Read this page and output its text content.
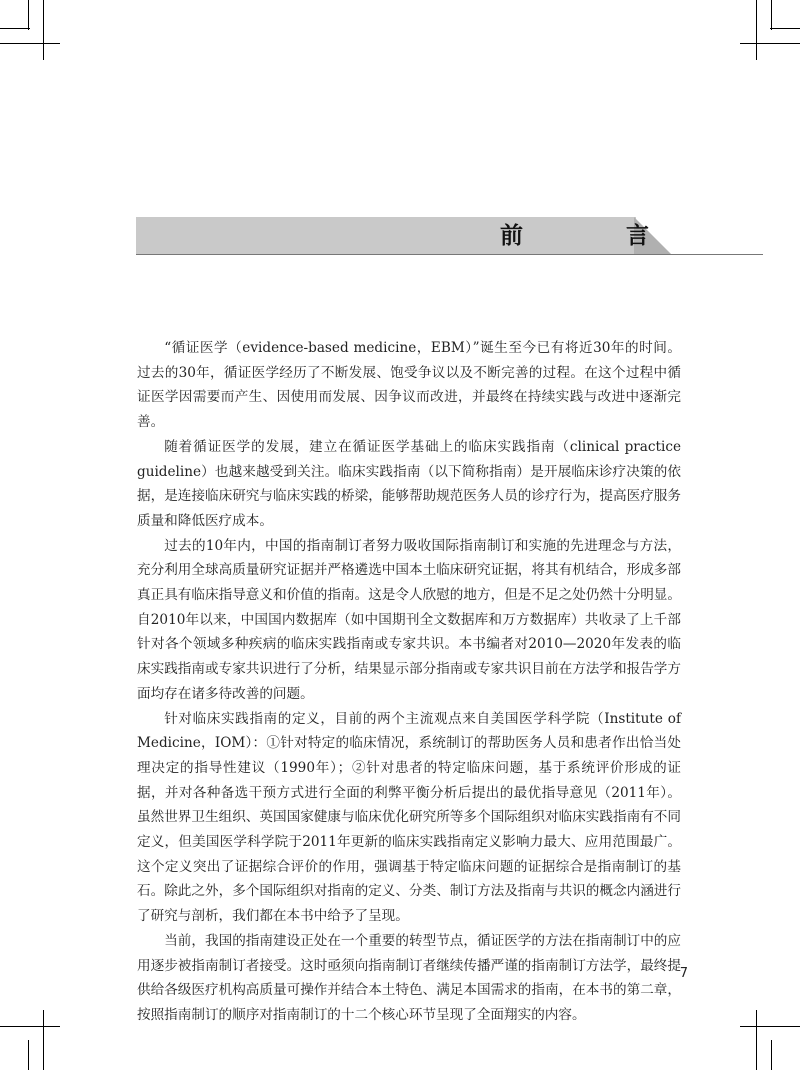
前　言

“循证医学（evidence-based medicine，EBM）”诞生至今已有将近30年的时间。过去的30年，循证医学经历了不断发展、饱受争议以及不断完善的过程。在这个过程中循证医学因需要而产生、因使用而发展、因争议而改进，并最终在持续实践与改进中逐渐完善。

随着循证医学的发展，建立在循证医学基础上的临床实践指南（clinical practice guideline）也越来越受到关注。临床实践指南（以下简称指南）是开展临床诊疗决策的依据，是连接临床研究与临床实践的桥梁，能够帮助规范医务人员的诊疗行为，提高医疗服务质量和降低医疗成本。

过去的10年内，中国的指南制订者努力吸收国际指南制订和实施的先进理念与方法，充分利用全球高质量研究证据并严格遴选中国本土临床研究证据，将其有机结合，形成多部真正具有临床指导意义和价值的指南。这是令人欣慰的地方，但是不足之处仍然十分明显。自2010年以来，中国国内数据库（如中国期刊全文数据库和万方数据库）共收录了上千部针对各个领域多种疾病的临床实践指南或专家共识。本书编者对2010—2020年发表的临床实践指南或专家共识进行了分析，结果显示部分指南或专家共识目前在方法学和报告学方面均存在诸多待改善的问题。

针对临床实践指南的定义，目前的两个主流观点来自美国医学科学院（Institute of Medicine，IOM）：①针对特定的临床情况，系统制订的帮助医务人员和患者作出恰当处理决定的指导性建议（1990年）；②针对患者的特定临床问题，基于系统评价形成的证据，并对各种备选干预方式进行全面的利弊平衡分析后提出的最优指导意见（2011年）。虽然世界卫生组织、英国国家健康与临床优化研究所等多个国际组织对临床实践指南有不同定义，但美国医学科学院于2011年更新的临床实践指南定义影响力最大、应用范围最广。这个定义突出了证据综合评价的作用，强调基于特定临床问题的证据综合是指南制订的基石。除此之外，多个国际组织对指南的定义、分类、制订方法及指南与共识的概念内涵进行了研究与剖析，我们都在本书中给予了呈现。

当前，我国的指南建设正处在一个重要的转型节点，循证医学的方法在指南制订中的应用逐步被指南制订者接受。这时亟须向指南制订者继续传播严谨的指南制订方法学，最终提供给各级医疗机构高质量可操作并结合本土特色、满足本国需求的指南，在本书的第二章，按照指南制订的顺序对指南制订的十二个核心环节呈现了全面翔实的内容。

7
